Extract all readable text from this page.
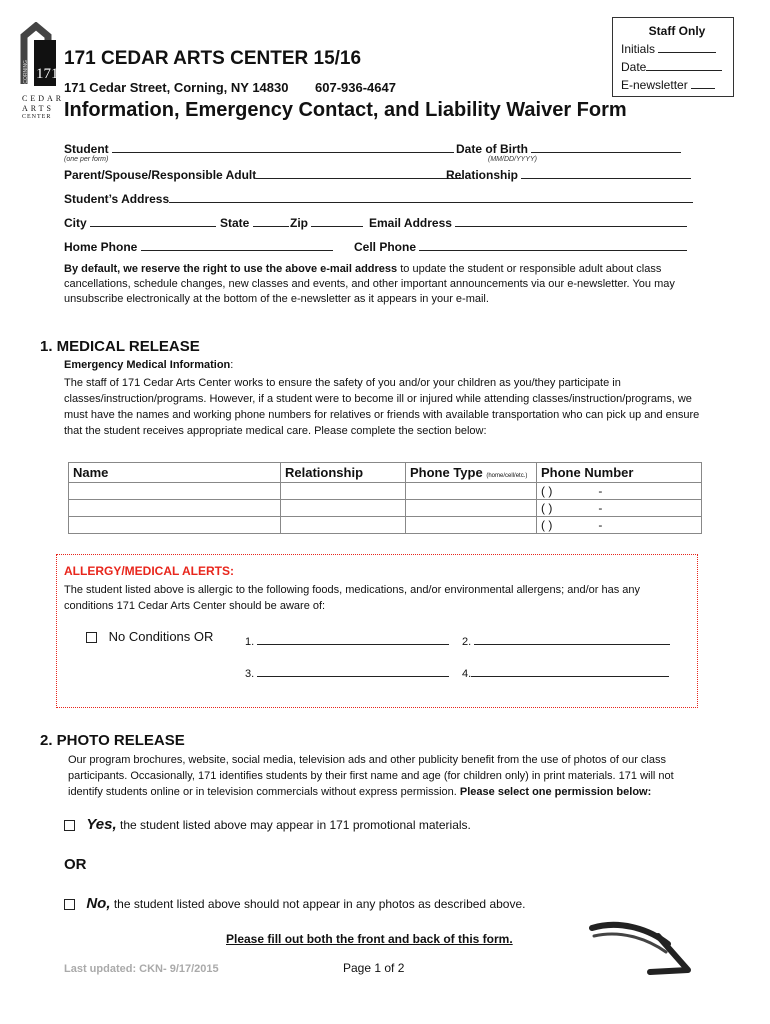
CORNING 171
CEDAR
ARTS
CENTER
171 CEDAR ARTS CENTER 15/16
171 Cedar Street, Corning, NY 14830 607-936-4647
Information, Emergency Contact, and Liability Waiver Form
Staff Only
Initials
Date
E-newsletter
Student
(one per form)
Date of Birth
(MM/DD/YYYY)
Parent/Spouse/Responsible Adult	Relationship
Student’s Address
City	State	Zip	Email Address
Home Phone	Cell Phone
By default, we reserve the right to use the above e-mail address to update the student or responsible adult about class cancellations, schedule changes, new classes and events, and other important announcements via our e-newsletter. You may unsubscribe electronically at the bottom of the e-newsletter as it appears in your e-mail.
1. MEDICAL RELEASE
Emergency Medical Information:
The staff of 171 Cedar Arts Center works to ensure the safety of you and/or your children as you/they participate in classes/instruction/programs. However, if a student were to become ill or injured while attending classes/instruction/programs, we must have the names and working phone numbers for relatives or friends with available transportation who can pick up and ensure that the student receives appropriate medical care. Please complete the section below:
Name	Relationship	Phone Type (home/cell/etc.)	Phone Number
			( ) -
			( ) -
			( ) -
ALLERGY/MEDICAL ALERTS:
The student listed above is allergic to the following foods, medications, and/or environmental allergens; and/or has any conditions 171 Cedar Arts Center should be aware of:
No Conditions OR	1.	2.
3.	4.
2. PHOTO RELEASE
Our program brochures, website, social media, television ads and other publicity benefit from the use of photos of our class participants. Occasionally, 171 identifies students by their first name and age (for children only) in print materials. 171 will not identify students online or in television commercials without express permission. Please select one permission below:
Yes, the student listed above may appear in 171 promotional materials.
OR
No, the student listed above should not appear in any photos as described above.
Please fill out both the front and back of this form.
Last updated: CKN- 9/17/2015	Page 1 of 2
